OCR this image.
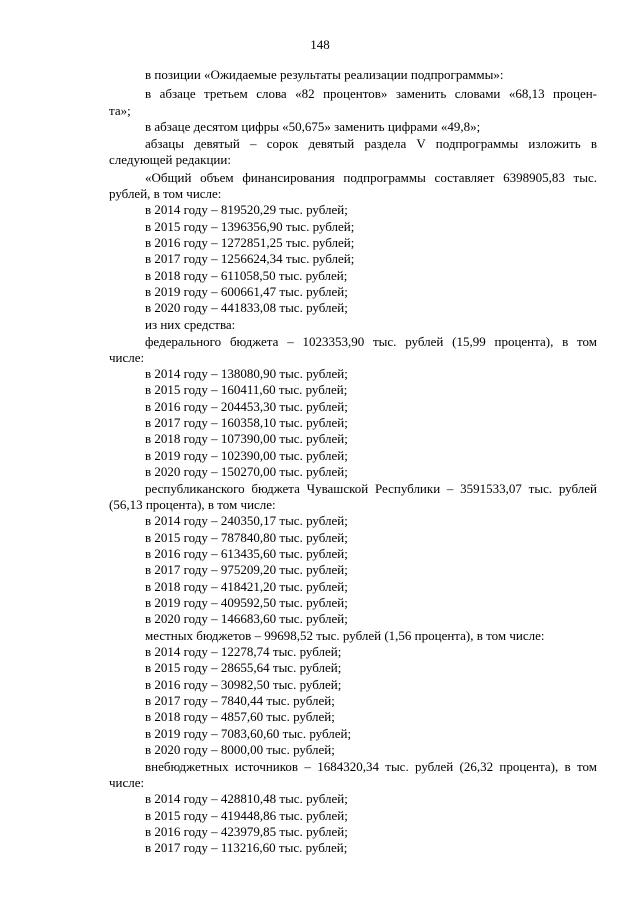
148
в позиции «Ожидаемые результаты реализации подпрограммы»:
в абзаце третьем слова «82 процентов» заменить словами «68,13 процен-
та»;
в абзаце десятом цифры «50,675» заменить цифрами «49,8»;
абзацы девятый – сорок девятый раздела V подпрограммы изложить в
следующей редакции:
«Общий объем финансирования подпрограммы составляет 6398905,83 тыс.
рублей, в том числе:
в 2014 году – 819520,29 тыс. рублей;
в 2015 году – 1396356,90 тыс. рублей;
в 2016 году – 1272851,25 тыс. рублей;
в 2017 году – 1256624,34 тыс. рублей;
в 2018 году – 611058,50 тыс. рублей;
в 2019 году – 600661,47 тыс. рублей;
в 2020 году – 441833,08 тыс. рублей;
из них средства:
федерального бюджета – 1023353,90 тыс. рублей (15,99 процента), в том
числе:
в 2014 году – 138080,90 тыс. рублей;
в 2015 году – 160411,60 тыс. рублей;
в 2016 году – 204453,30 тыс. рублей;
в 2017 году – 160358,10 тыс. рублей;
в 2018 году – 107390,00 тыс. рублей;
в 2019 году – 102390,00 тыс. рублей;
в 2020 году – 150270,00 тыс. рублей;
республиканского бюджета Чувашской Республики – 3591533,07 тыс. рублей
(56,13 процента), в том числе:
в 2014 году – 240350,17 тыс. рублей;
в 2015 году – 787840,80 тыс. рублей;
в 2016 году – 613435,60 тыс. рублей;
в 2017 году – 975209,20 тыс. рублей;
в 2018 году – 418421,20 тыс. рублей;
в 2019 году – 409592,50 тыс. рублей;
в 2020 году – 146683,60 тыс. рублей;
местных бюджетов – 99698,52 тыс. рублей (1,56 процента), в том числе:
в 2014 году – 12278,74 тыс. рублей;
в 2015 году – 28655,64 тыс. рублей;
в 2016 году – 30982,50 тыс. рублей;
в 2017 году – 7840,44 тыс. рублей;
в 2018 году – 4857,60 тыс. рублей;
в 2019 году – 7083,60,60 тыс. рублей;
в 2020 году – 8000,00 тыс. рублей;
внебюджетных источников – 1684320,34 тыс. рублей (26,32 процента), в том
числе:
в 2014 году – 428810,48 тыс. рублей;
в 2015 году – 419448,86 тыс. рублей;
в 2016 году – 423979,85 тыс. рублей;
в 2017 году – 113216,60 тыс. рублей;
